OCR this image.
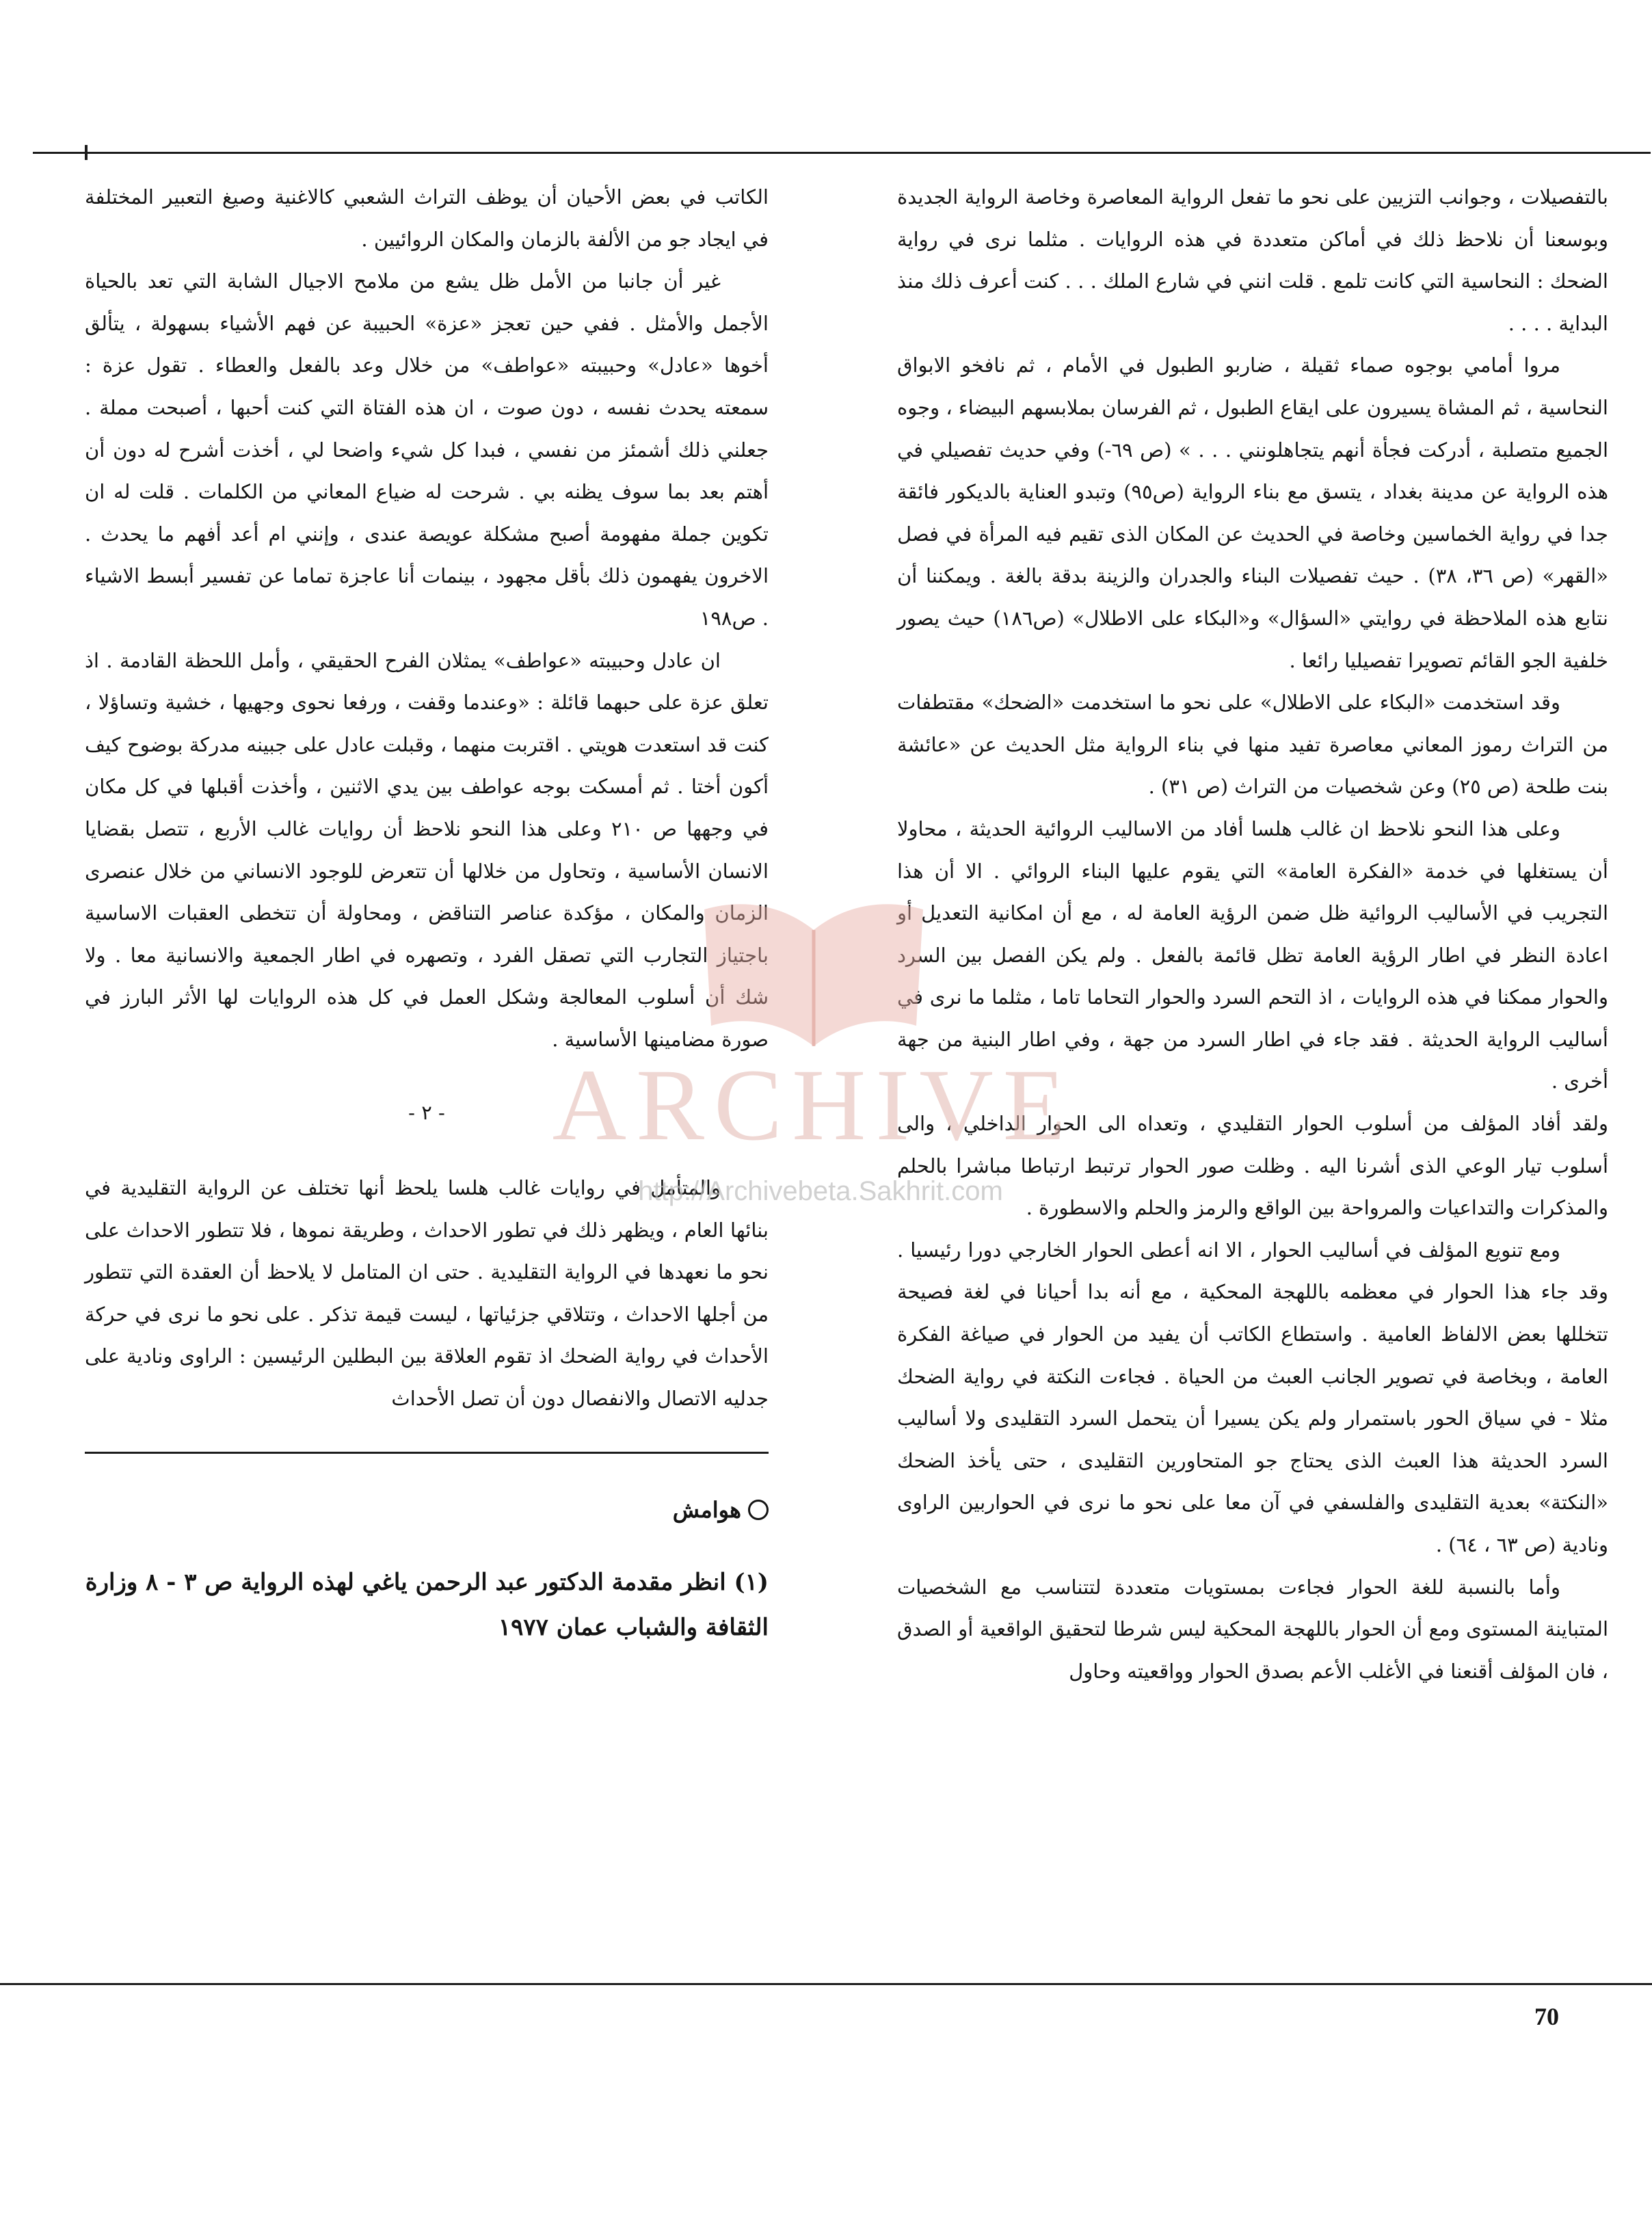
بالتفصيلات ، وجوانب التزيين على نحو ما تفعل الرواية المعاصرة وخاصة الرواية الجديدة وبوسعنا أن نلاحظ ذلك في أماكن متعددة في هذه الروايات . مثلما نرى في رواية الضحك : النحاسية التي كانت تلمع . قلت انني في شارع الملك . . . كنت أعرف ذلك منذ البداية . . . .

مروا أمامي بوجوه صماء ثقيلة ، ضاربو الطبول في الأمام ، ثم نافخو الابواق النحاسية ، ثم المشاة يسيرون على ايقاع الطبول ، ثم الفرسان بملابسهم البيضاء ، وجوه الجميع متصلبة ، أدركت فجأة أنهم يتجاهلونني . . . » (ص ٦٩-) وفي حديث تفصيلي في هذه الرواية عن مدينة بغداد ، يتسق مع بناء الرواية (ص٩٥) وتبدو العناية بالديكور فائقة جدا في رواية الخماسين وخاصة في الحديث عن المكان الذى تقيم فيه المرأة في فصل «القهر» (ص ٣٦، ٣٨) . حيث تفصيلات البناء والجدران والزينة بدقة بالغة . ويمكننا أن نتابع هذه الملاحظة في روايتي «السؤال» و«البكاء على الاطلال» (ص١٨٦) حيث يصور خلفية الجو القائم تصويرا تفصيليا رائعا .

وقد استخدمت «البكاء على الاطلال» على نحو ما استخدمت «الضحك» مقتطفات من التراث رموز المعاني معاصرة تفيد منها في بناء الرواية مثل الحديث عن «عائشة بنت طلحة (ص ٢٥) وعن شخصيات من التراث (ص ٣١) .

وعلى هذا النحو نلاحظ ان غالب هلسا أفاد من الاساليب الروائية الحديثة ، محاولا أن يستغلها في خدمة «الفكرة العامة» التي يقوم عليها البناء الروائي . الا أن هذا التجريب في الأساليب الروائية ظل ضمن الرؤية العامة له ، مع أن امكانية التعديل أو اعادة النظر في اطار الرؤية العامة تظل قائمة بالفعل . ولم يكن الفصل بين السرد والحوار ممكنا في هذه الروايات ، اذ التحم السرد والحوار التحاما تاما ، مثلما ما نرى في أساليب الرواية الحديثة . فقد جاء في اطار السرد من جهة ، وفي اطار البنية من جهة أخرى .

ولقد أفاد المؤلف من أسلوب الحوار التقليدي ، وتعداه الى الحوار الداخلي ، والى أسلوب تيار الوعي الذى أشرنا اليه . وظلت صور الحوار ترتبط ارتباطا مباشرا بالحلم والمذكرات والتداعيات والمرواحة بين الواقع والرمز والحلم والاسطورة .

ومع تنويع المؤلف في أساليب الحوار ، الا انه أعطى الحوار الخارجي دورا رئيسيا . وقد جاء هذا الحوار في معظمه باللهجة المحكية ، مع أنه بدا أحيانا في لغة فصيحة تتخللها بعض الالفاظ العامية . واستطاع الكاتب أن يفيد من الحوار في صياغة الفكرة العامة ، وبخاصة في تصوير الجانب العبث من الحياة . فجاءت النكتة في رواية الضحك مثلا - في سياق الحور باستمرار ولم يكن يسيرا أن يتحمل السرد التقليدى ولا أساليب السرد الحديثة هذا العبث الذى يحتاج جو المتحاورين التقليدى ، حتى يأخذ الضحك «النكتة» بعدية التقليدى والفلسفي في آن معا على نحو ما نرى في الحواربين الراوى ونادية (ص ٦٣ ، ٦٤) .

وأما بالنسبة للغة الحوار فجاءت بمستويات متعددة لتتناسب مع الشخصيات المتباينة المستوى ومع أن الحوار باللهجة المحكية ليس شرطا لتحقيق الواقعية أو الصدق ، فان المؤلف أقنعنا في الأغلب الأعم بصدق الحوار وواقعيته وحاول

الكاتب في بعض الأحيان أن يوظف التراث الشعبي كالاغنية وصيغ التعبير المختلفة في ايجاد جو من الألفة بالزمان والمكان الروائيين .

غير أن جانبا من الأمل ظل يشع من ملامح الاجيال الشابة التي تعد بالحياة الأجمل والأمثل . ففي حين تعجز «عزة» الحبيبة عن فهم الأشياء بسهولة ، يتألق أخوها «عادل» وحبيبته «عواطف» من خلال وعد بالفعل والعطاء . تقول عزة : سمعته يحدث نفسه ، دون صوت ، ان هذه الفتاة التي كنت أحبها ، أصبحت مملة . جعلني ذلك أشمئز من نفسي ، فبدا كل شيء واضحا لي ، أخذت أشرح له دون أن أهتم بعد بما سوف يظنه بي . شرحت له ضياع المعاني من الكلمات . قلت له ان تكوين جملة مفهومة أصبح مشكلة عويصة عندى ، وإنني ام أعد أفهم ما يحدث . الاخرون يفهمون ذلك بأقل مجهود ، بينمات أنا عاجزة تماما عن تفسير أبسط الاشياء . ص١٩٨

ان عادل وحبيبته «عواطف» يمثلان الفرح الحقيقي ، وأمل اللحظة القادمة . اذ تعلق عزة على حبهما قائلة : «وعندما وقفت ، ورفعا نحوى وجهيها ، خشية وتساؤلا ، كنت قد استعدت هويتي . اقتربت منهما ، وقبلت عادل على جبينه مدركة بوضوح كيف أكون أختا . ثم أمسكت بوجه عواطف بين يدي الاثنين ، وأخذت أقبلها في كل مكان في وجهها ص ٢١٠ وعلى هذا النحو نلاحظ أن روايات غالب الأربع ، تتصل بقضايا الانسان الأساسية ، وتحاول من خلالها أن تتعرض للوجود الانساني من خلال عنصرى الزمان والمكان ، مؤكدة عناصر التناقض ، ومحاولة أن تتخطى العقبات الاساسية باجتياز التجارب التي تصقل الفرد ، وتصهره في اطار الجمعية والانسانية معا . ولا شك أن أسلوب المعالجة وشكل العمل في كل هذه الروايات لها الأثر البارز في صورة مضامينها الأساسية .

- ٢ -

والمتأمل في روايات غالب هلسا يلحظ أنها تختلف عن الرواية التقليدية في بنائها العام ، ويظهر ذلك في تطور الاحداث ، وطريقة نموها ، فلا تتطور الاحداث على نحو ما نعهدها في الرواية التقليدية . حتى ان المتامل لا يلاحظ أن العقدة التي تتطور من أجلها الاحداث ، وتتلاقي جزئياتها ، ليست قيمة تذكر . على نحو ما نرى في حركة الأحداث في رواية الضحك اذ تقوم العلاقة بين البطلين الرئيسين : الراوى ونادية على جدليه الاتصال والانفصال دون أن تصل الأحداث

هوامش
(١) انظر مقدمة الدكتور عبد الرحمن ياغي لهذه الرواية ص ٣ - ٨ وزارة الثقافة والشباب عمان ١٩٧٧
ARCHIVE
http://Archivebeta.Sakhrit.com
70
